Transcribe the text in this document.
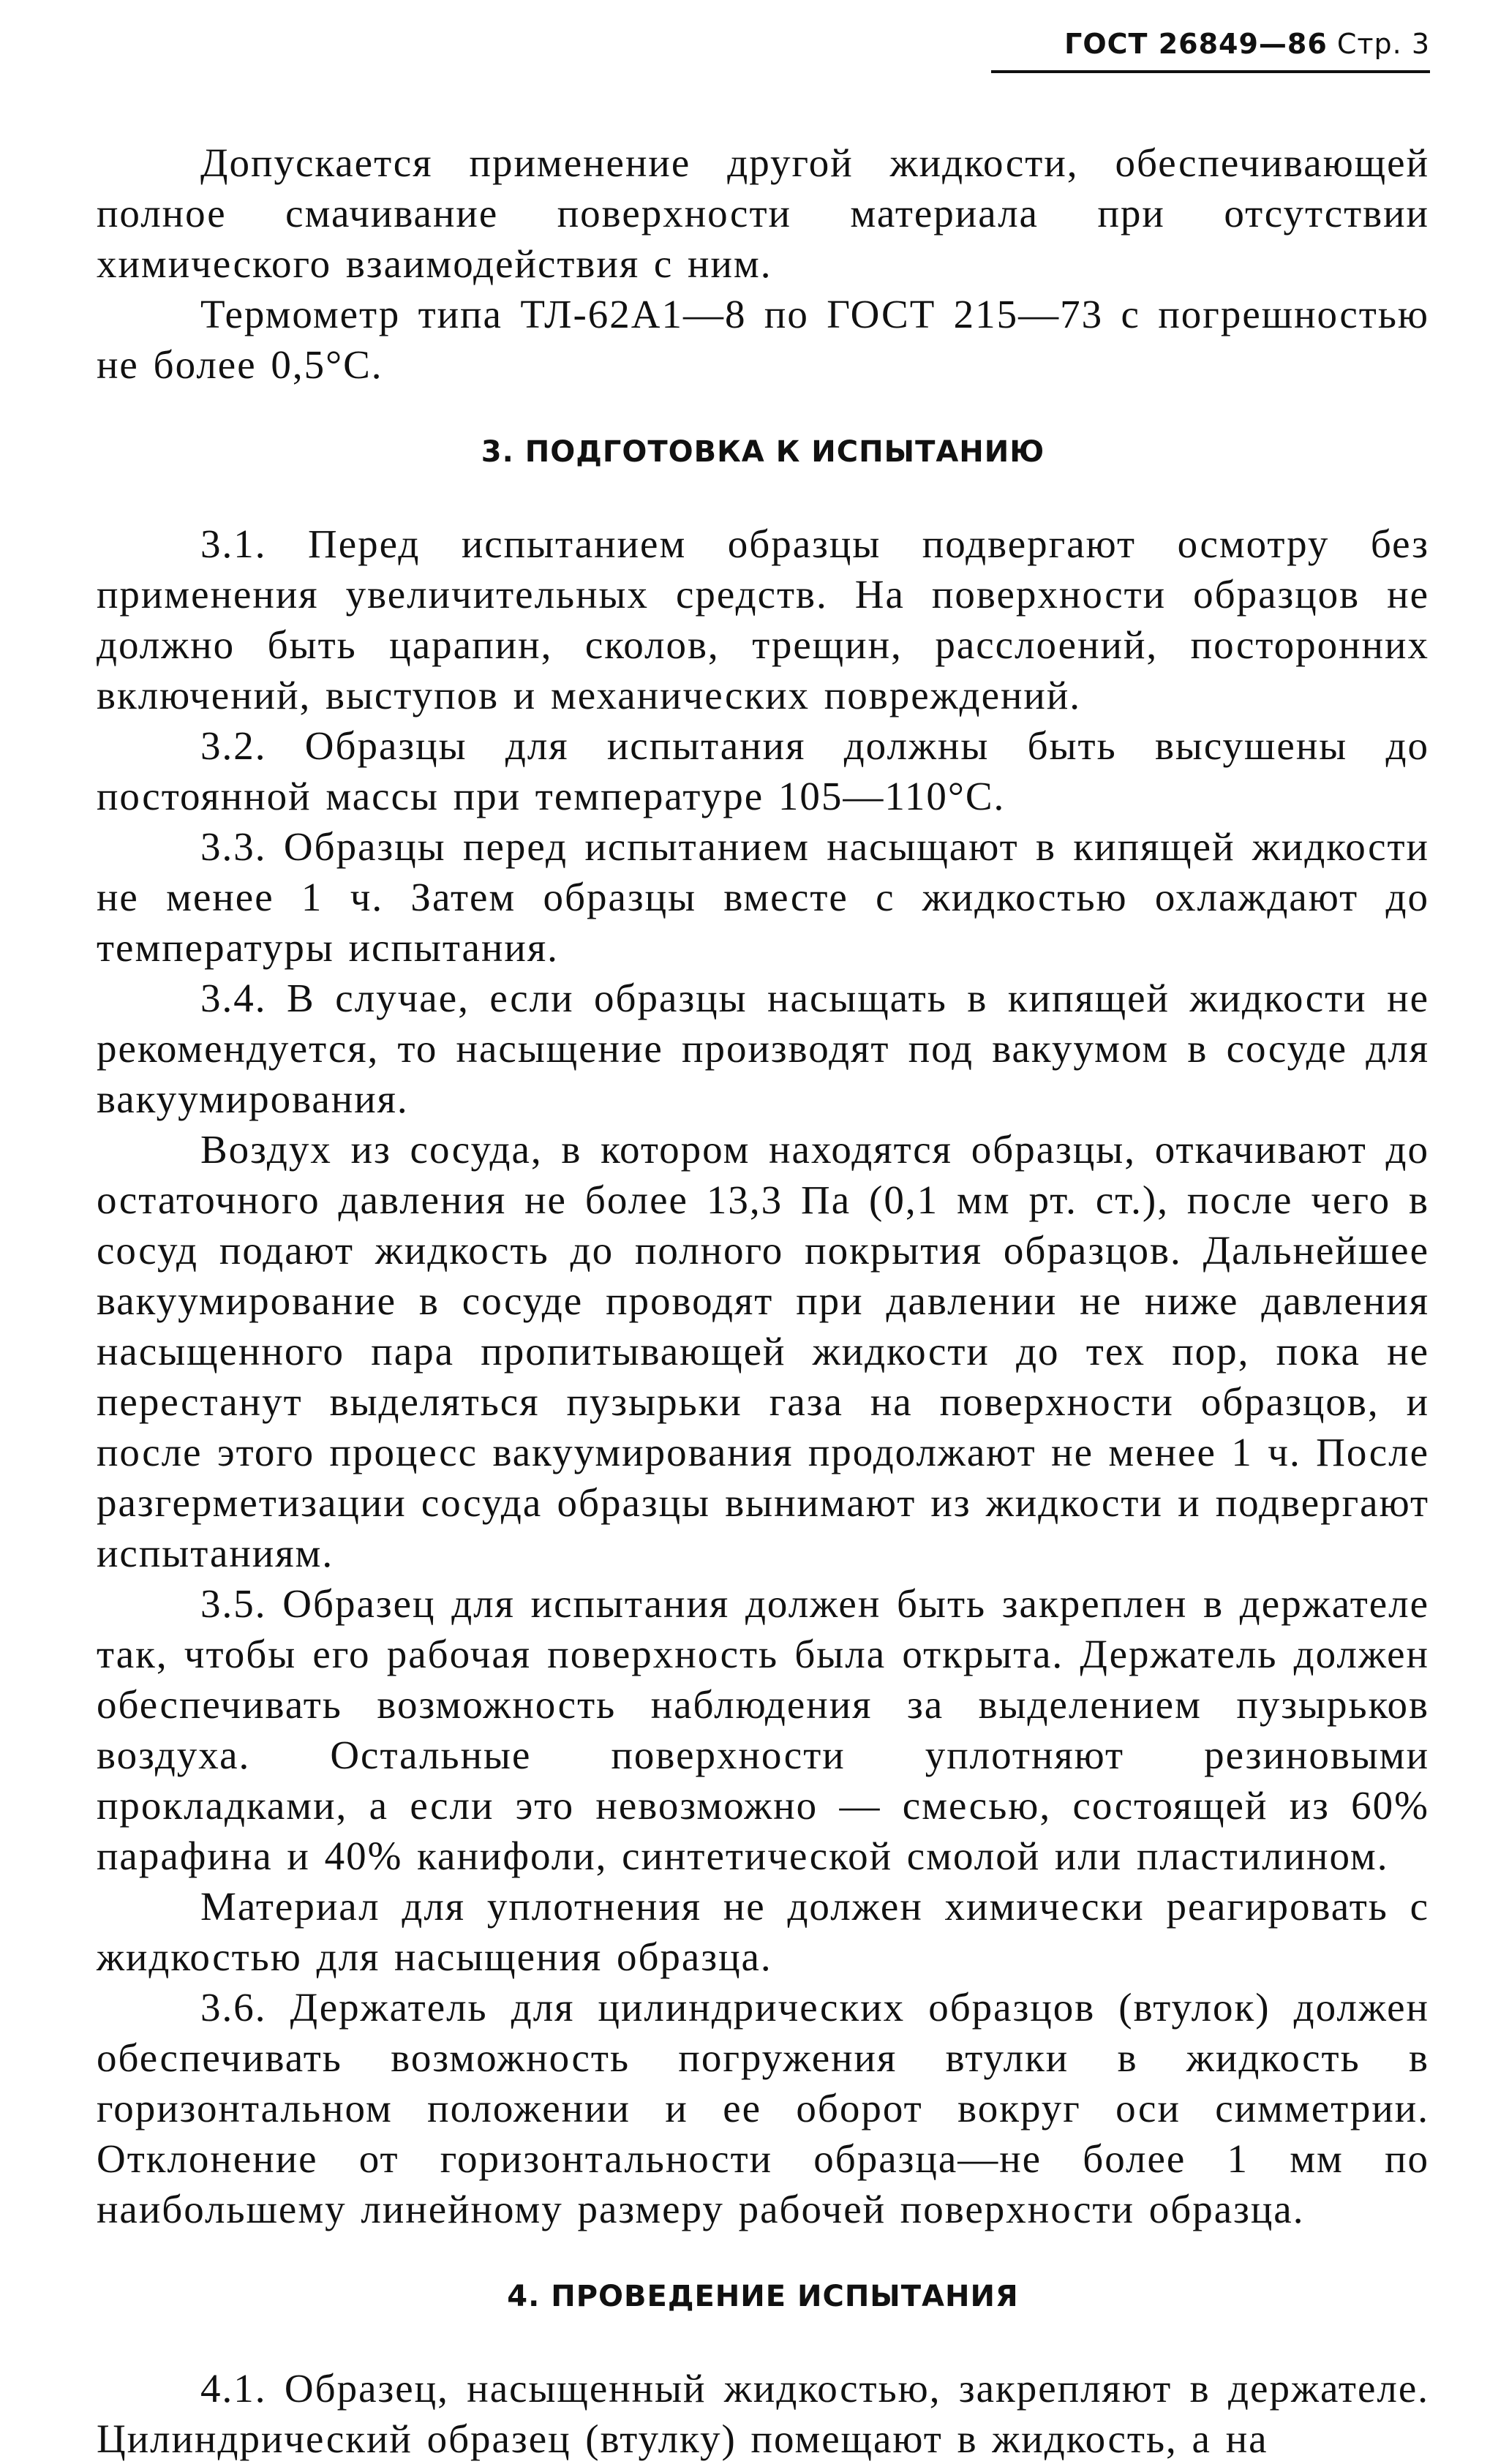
ГОСТ 26849—86 Стр. 3

Допускается применение другой жидкости, обеспечивающей полное смачивание поверхности материала при отсутствии химического взаимодействия с ним.

Термометр типа ТЛ-62А1—8 по ГОСТ 215—73 с погрешностью не более 0,5°С.

3. ПОДГОТОВКА К ИСПЫТАНИЮ

3.1. Перед испытанием образцы подвергают осмотру без применения увеличительных средств. На поверхности образцов не должно быть царапин, сколов, трещин, расслоений, посторонних включений, выступов и механических повреждений.

3.2. Образцы для испытания должны быть высушены до постоянной массы при температуре 105—110°С.

3.3. Образцы перед испытанием насыщают в кипящей жидкости не менее 1 ч. Затем образцы вместе с жидкостью охлаждают до температуры испытания.

3.4. В случае, если образцы насыщать в кипящей жидкости не рекомендуется, то насыщение производят под вакуумом в сосуде для вакуумирования.

Воздух из сосуда, в котором находятся образцы, откачивают до остаточного давления не более 13,3 Па (0,1 мм рт. ст.), после чего в сосуд подают жидкость до полного покрытия образцов. Дальнейшее вакуумирование в сосуде проводят при давлении не ниже давления насыщенного пара пропитывающей жидкости до тех пор, пока не перестанут выделяться пузырьки газа на поверхности образцов, и после этого процесс вакуумирования продолжают не менее 1 ч. После разгерметизации сосуда образцы вынимают из жидкости и подвергают испытаниям.

3.5. Образец для испытания должен быть закреплен в держателе так, чтобы его рабочая поверхность была открыта. Держатель должен обеспечивать возможность наблюдения за выделением пузырьков воздуха. Остальные поверхности уплотняют резиновыми прокладками, а если это невозможно — смесью, состоящей из 60% парафина и 40% канифоли, синтетической смолой или пластилином.

Материал для уплотнения не должен химически реагировать с жидкостью для насыщения образца.

3.6. Держатель для цилиндрических образцов (втулок) должен обеспечивать возможность погружения втулки в жидкость в горизонтальном положении и ее оборот вокруг оси симметрии. Отклонение от горизонтальности образца—не более 1 мм по наибольшему линейному размеру рабочей поверхности образца.

4. ПРОВЕДЕНИЕ ИСПЫТАНИЯ

4.1. Образец, насыщенный жидкостью, закрепляют в держателе. Цилиндрический образец (втулку) помещают в жидкость, а на
